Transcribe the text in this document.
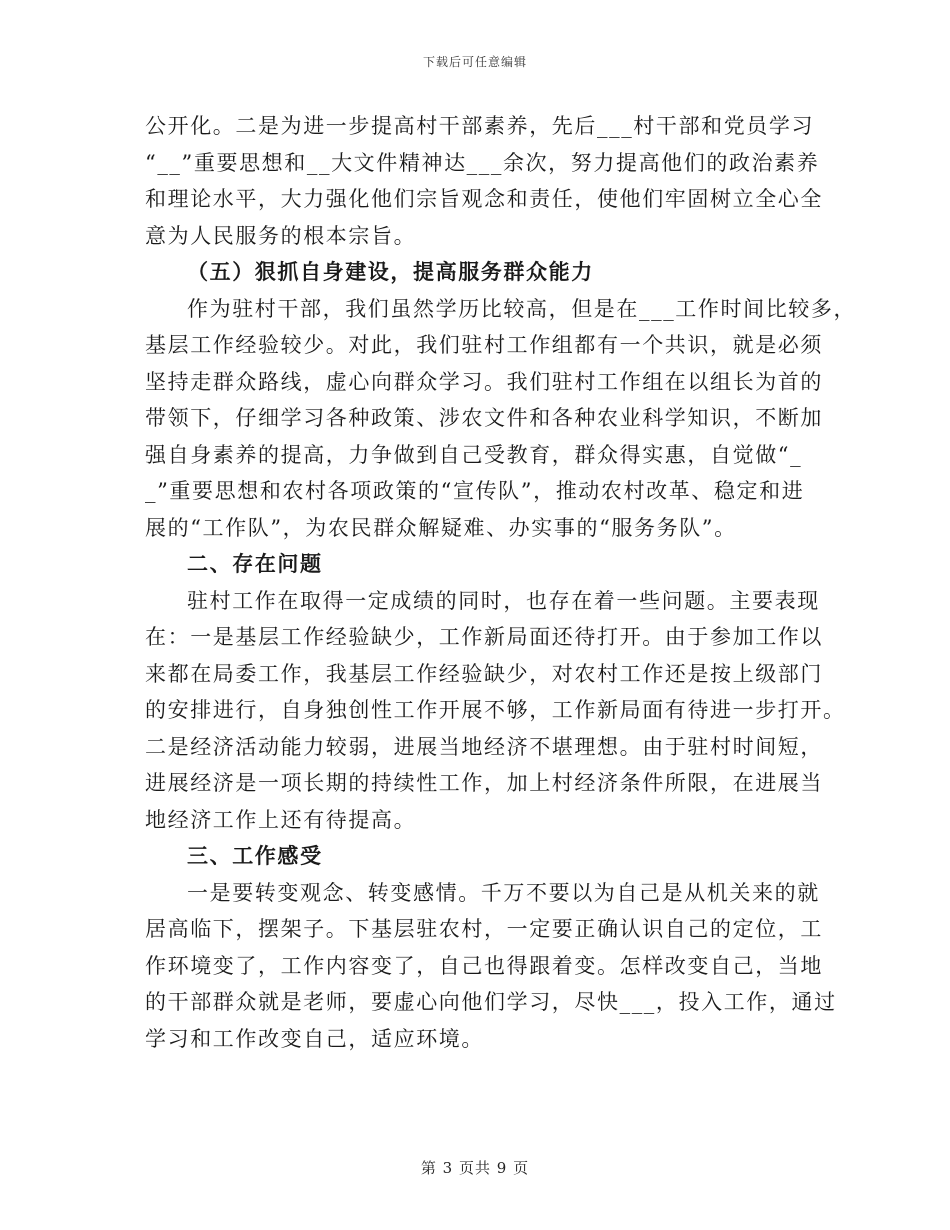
下载后可任意编辑
公开化。二是为进一步提高村干部素养，先后___村干部和党员学习
“__”重要思想和__大文件精神达___余次，努力提高他们的政治素养
和理论水平，大力强化他们宗旨观念和责任，使他们牢固树立全心全
意为人民服务的根本宗旨。
（五）狠抓自身建设，提高服务群众能力
作为驻村干部，我们虽然学历比较高，但是在___工作时间比较多，
基层工作经验较少。对此，我们驻村工作组都有一个共识，就是必须
坚持走群众路线，虚心向群众学习。我们驻村工作组在以组长为首的
带领下，仔细学习各种政策、涉农文件和各种农业科学知识，不断加
强自身素养的提高，力争做到自己受教育，群众得实惠，自觉做“_
_”重要思想和农村各项政策的“宣传队”，推动农村改革、稳定和进
展的“工作队”，为农民群众解疑难、办实事的“服务务队”。
二、存在问题
驻村工作在取得一定成绩的同时，也存在着一些问题。主要表现
在：一是基层工作经验缺少，工作新局面还待打开。由于参加工作以
来都在局委工作，我基层工作经验缺少，对农村工作还是按上级部门
的安排进行，自身独创性工作开展不够，工作新局面有待进一步打开。
二是经济活动能力较弱，进展当地经济不堪理想。由于驻村时间短，
进展经济是一项长期的持续性工作，加上村经济条件所限，在进展当
地经济工作上还有待提高。
三、工作感受
一是要转变观念、转变感情。千万不要以为自己是从机关来的就
居高临下，摆架子。下基层驻农村，一定要正确认识自己的定位，工
作环境变了，工作内容变了，自己也得跟着变。怎样改变自己，当地
的干部群众就是老师，要虚心向他们学习，尽快___，投入工作，通过
学习和工作改变自己，适应环境。
第 3 页共 9 页
